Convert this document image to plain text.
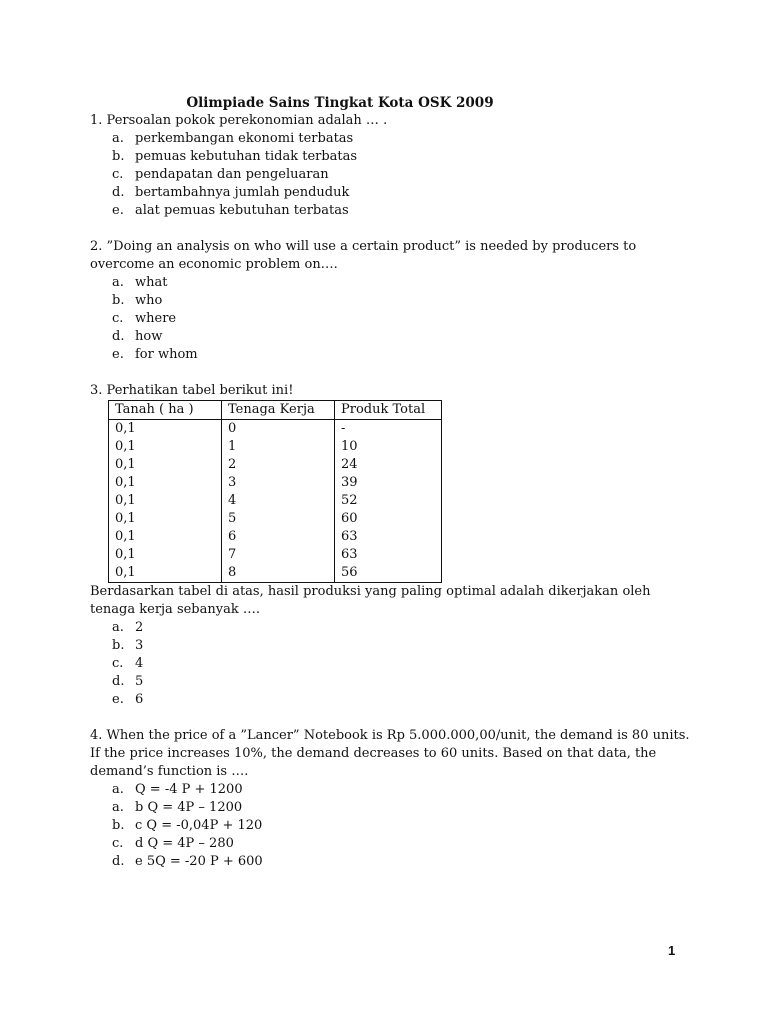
Olimpiade Sains Tingkat Kota OSK 2009

1. Persoalan pokok perekonomian adalah … .

a. perkembangan ekonomi terbatas
b. pemuas kebutuhan tidak terbatas
c. pendapatan dan pengeluaran
d. bertambahnya jumlah penduduk
e. alat pemuas kebutuhan terbatas

2. ”Doing an analysis on who will use a certain product” is needed by producers to overcome an economic problem on….

a. what
b. who
c. where
d. how
e. for whom

3. Perhatikan tabel berikut ini!

Tanah ( ha )	Tenaga Kerja	Produk Total
0,1	0	-
0,1	1	10
0,1	2	24
0,1	3	39
0,1	4	52
0,1	5	60
0,1	6	63
0,1	7	63
0,1	8	56

Berdasarkan tabel di atas, hasil produksi yang paling optimal adalah dikerjakan oleh tenaga kerja sebanyak ….

a. 2
b. 3
c. 4
d. 5
e. 6

4. When the price of a ”Lancer” Notebook is Rp 5.000.000,00/unit, the demand is 80 units. If the price increases 10%, the demand decreases to 60 units. Based on that data, the demand’s function is ….

a. Q = -4 P + 1200
a. b Q = 4P – 1200
b. c Q = -0,04P + 120
c. d Q = 4P – 280
d. e 5Q = -20 P + 600
1
